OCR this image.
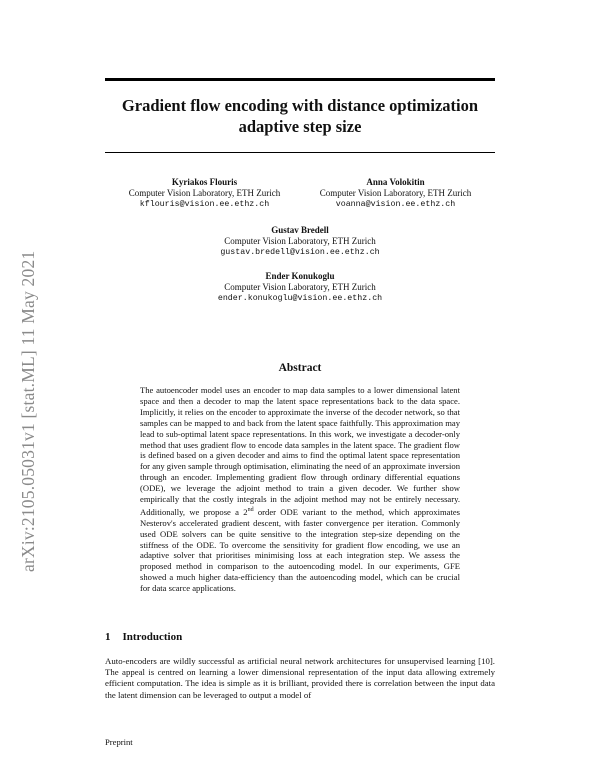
Gradient flow encoding with distance optimization adaptive step size
arXiv:2105.05031v1 [stat.ML] 11 May 2021
Kyriakos Flouris
Computer Vision Laboratory, ETH Zurich
kflouris@vision.ee.ethz.ch
Anna Volokitin
Computer Vision Laboratory, ETH Zurich
voanna@vision.ee.ethz.ch
Gustav Bredell
Computer Vision Laboratory, ETH Zurich
gustav.bredell@vision.ee.ethz.ch
Ender Konukoglu
Computer Vision Laboratory, ETH Zurich
ender.konukoglu@vision.ee.ethz.ch
Abstract
The autoencoder model uses an encoder to map data samples to a lower dimensional latent space and then a decoder to map the latent space representations back to the data space. Implicitly, it relies on the encoder to approximate the inverse of the decoder network, so that samples can be mapped to and back from the latent space faithfully. This approximation may lead to sub-optimal latent space representations. In this work, we investigate a decoder-only method that uses gradient flow to encode data samples in the latent space. The gradient flow is defined based on a given decoder and aims to find the optimal latent space representation for any given sample through optimisation, eliminating the need of an approximate inversion through an encoder. Implementing gradient flow through ordinary differential equations (ODE), we leverage the adjoint method to train a given decoder. We further show empirically that the costly integrals in the adjoint method may not be entirely necessary. Additionally, we propose a 2nd order ODE variant to the method, which approximates Nesterov's accelerated gradient descent, with faster convergence per iteration. Commonly used ODE solvers can be quite sensitive to the integration step-size depending on the stiffness of the ODE. To overcome the sensitivity for gradient flow encoding, we use an adaptive solver that prioritises minimising loss at each integration step. We assess the proposed method in comparison to the autoencoding model. In our experiments, GFE showed a much higher data-efficiency than the autoencoding model, which can be crucial for data scarce applications.
1 Introduction
Auto-encoders are wildly successful as artificial neural network architectures for unsupervised learning [10]. The appeal is centred on learning a lower dimensional representation of the input data allowing extremely efficient computation. The idea is simple as it is brilliant, provided there is correlation between the input data the latent dimension can be leveraged to output a model of
Preprint
